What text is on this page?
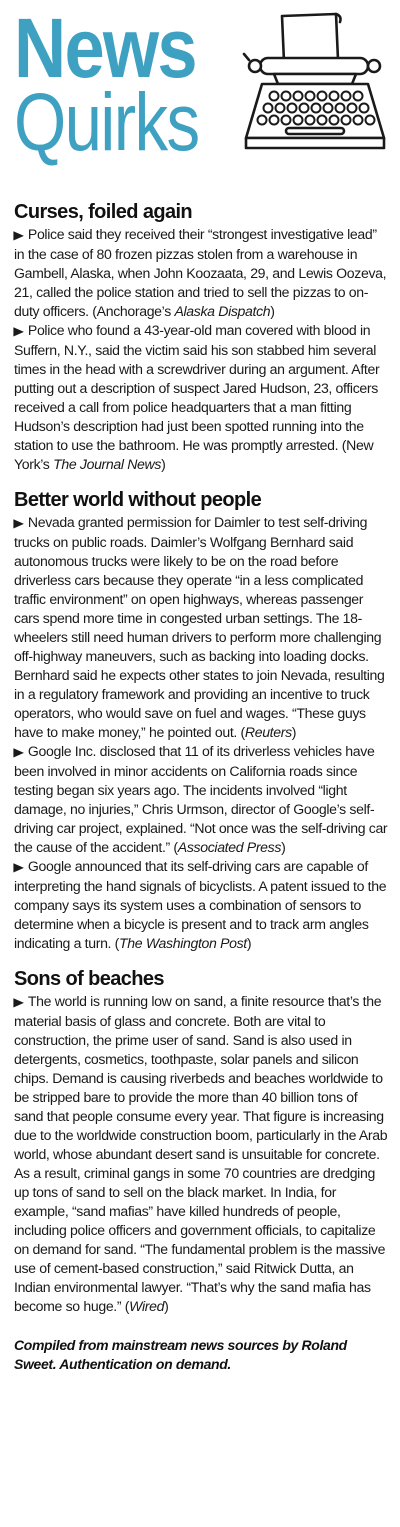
News
Quirks
Curses, foiled again

▶ Police said they received their “strongest investigative lead” in the case of 80 frozen pizzas stolen from a warehouse in Gambell, Alaska, when John Koozaata, 29, and Lewis Oozeva, 21, called the police station and tried to sell the pizzas to on-duty officers. (Anchorage’s Alaska Dispatch)

▶ Police who found a 43-year-old man covered with blood in Suffern, N.Y., said the victim said his son stabbed him several times in the head with a screwdriver during an argument. After putting out a description of suspect Jared Hudson, 23, officers received a call from police headquarters that a man fitting Hudson’s description had just been spotted running into the station to use the bathroom. He was promptly arrested. (New York’s The Journal News)

Better world without people

▶ Nevada granted permission for Daimler to test self-driving trucks on public roads. Daimler’s Wolfgang Bernhard said autonomous trucks were likely to be on the road before driverless cars because they operate “in a less complicated traffic environment” on open highways, whereas passenger cars spend more time in congested urban settings. The 18-wheelers still need human drivers to perform more challenging off-highway maneuvers, such as backing into loading docks. Bernhard said he expects other states to join Nevada, resulting in a regulatory framework and providing an incentive to truck operators, who would save on fuel and wages. “These guys have to make money,” he pointed out. (Reuters)

▶ Google Inc. disclosed that 11 of its driverless vehicles have been involved in minor accidents on California roads since testing began six years ago. The incidents involved “light damage, no injuries,” Chris Urmson, director of Google’s self-driving car project, explained. “Not once was the self-driving car the cause of the accident.” (Associated Press)

▶ Google announced that its self-driving cars are capable of interpreting the hand signals of bicyclists. A patent issued to the company says its system uses a combination of sensors to determine when a bicycle is present and to track arm angles indicating a turn. (The Washington Post)

Sons of beaches

▶ The world is running low on sand, a finite resource that’s the material basis of glass and concrete. Both are vital to construction, the prime user of sand. Sand is also used in detergents, cosmetics, toothpaste, solar panels and silicon chips. Demand is causing riverbeds and beaches worldwide to be stripped bare to provide the more than 40 billion tons of sand that people consume every year. That figure is increasing due to the worldwide construction boom, particularly in the Arab world, whose abundant desert sand is unsuitable for concrete. As a result, criminal gangs in some 70 countries are dredging up tons of sand to sell on the black market. In India, for example, “sand mafias” have killed hundreds of people, including police officers and government officials, to capitalize on demand for sand. “The fundamental problem is the massive use of cement-based construction,” said Ritwick Dutta, an Indian environmental lawyer. “That’s why the sand mafia has become so huge.” (Wired)

Compiled from mainstream news sources by Roland Sweet. Authentication on demand.
